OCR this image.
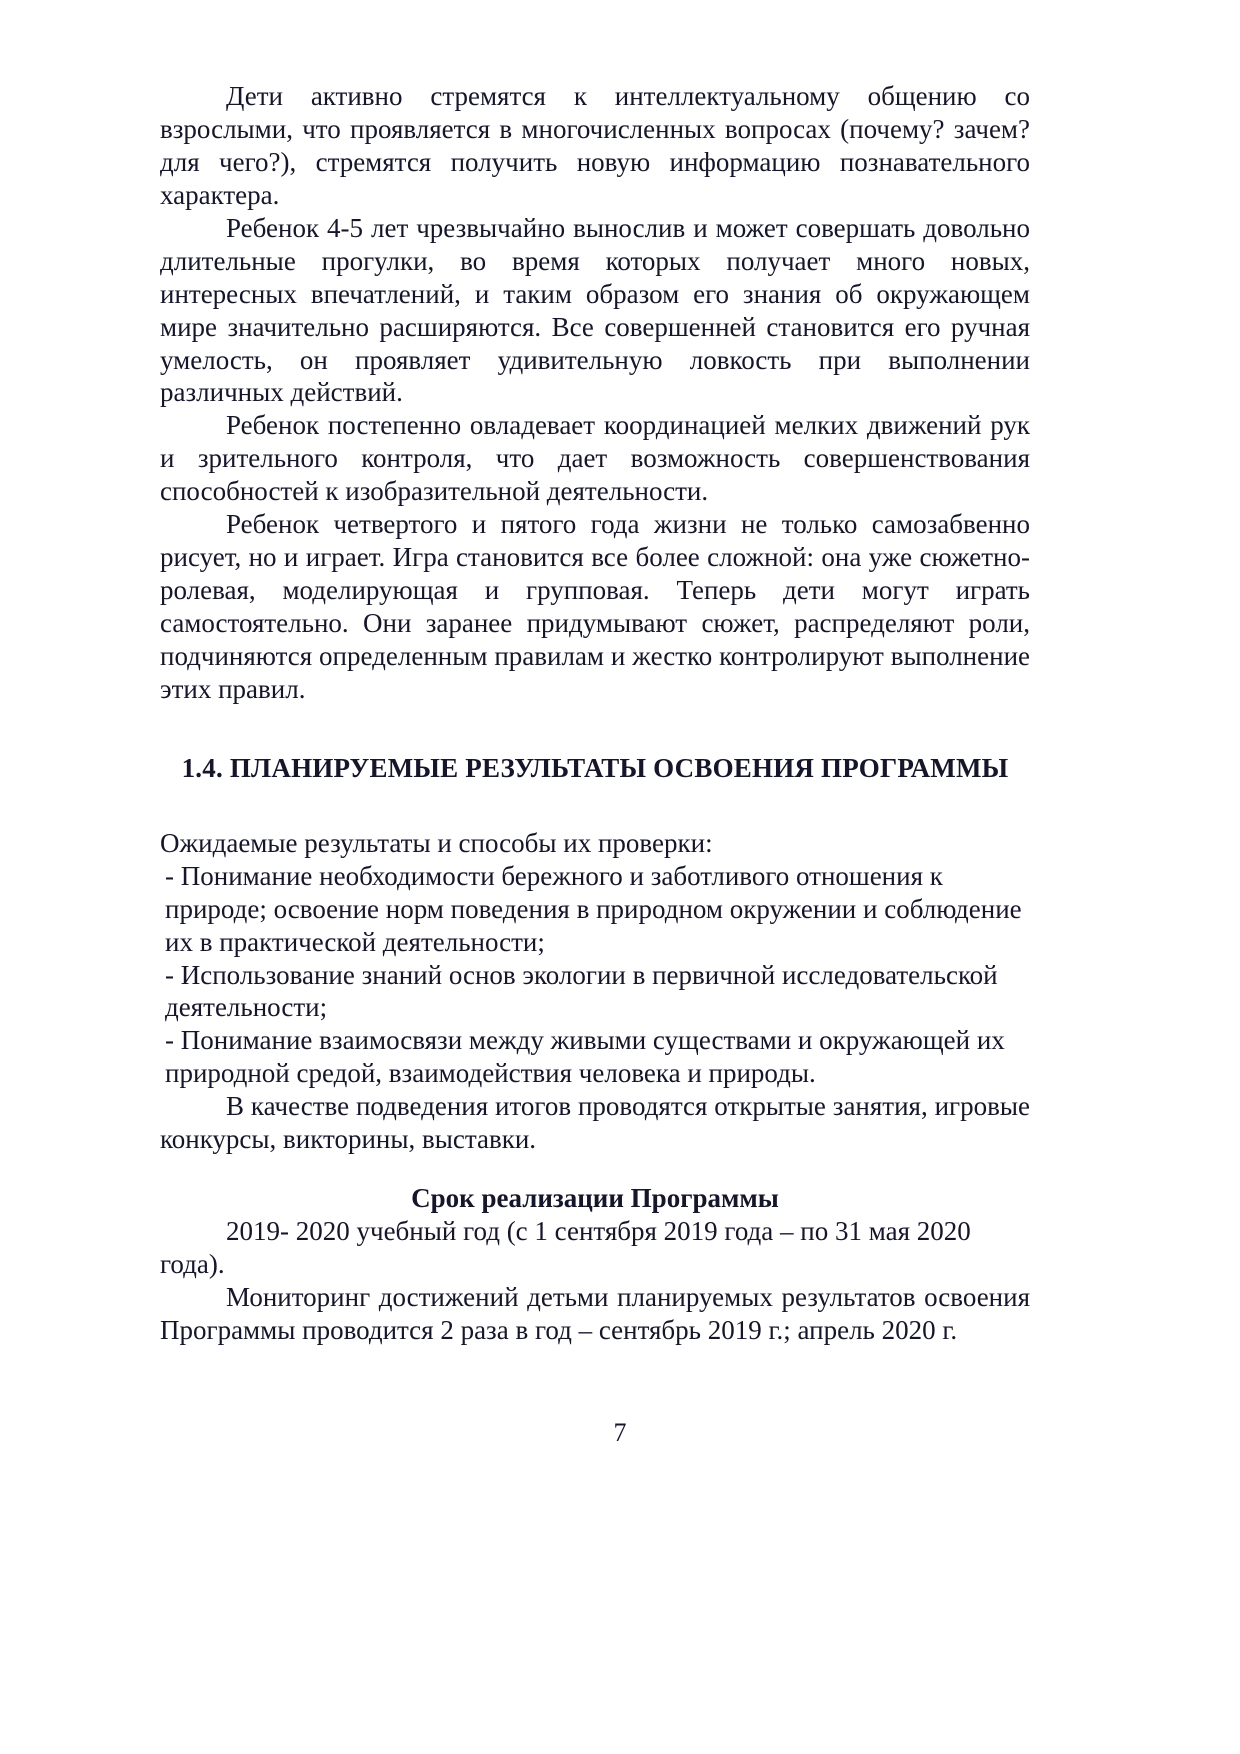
Дети активно стремятся к интеллектуальному общению со взрослыми, что проявляется в многочисленных вопросах (почему? зачем? для чего?), стремятся получить новую информацию познавательного характера.

Ребенок 4-5 лет чрезвычайно вынослив и может совершать довольно длительные прогулки, во время которых получает много новых, интересных впечатлений, и таким образом его знания об окружающем мире значительно расширяются. Все совершенней становится его ручная умелость, он проявляет удивительную ловкость при выполнении различных действий.

Ребенок постепенно овладевает координацией мелких движений рук и зрительного контроля, что дает возможность совершенствования способностей к изобразительной деятельности.

Ребенок четвертого и пятого года жизни не только самозабвенно рисует, но и играет. Игра становится все более сложной: она уже сюжетно-ролевая, моделирующая и групповая. Теперь дети могут играть самостоятельно. Они заранее придумывают сюжет, распределяют роли, подчиняются определенным правилам и жестко контролируют выполнение этих правил.

1.4. ПЛАНИРУЕМЫЕ РЕЗУЛЬТАТЫ ОСВОЕНИЯ ПРОГРАММЫ

Ожидаемые результаты и способы их проверки:

- Понимание необходимости бережного и заботливого отношения к природе; освоение норм поведения в природном окружении и соблюдение их в практической деятельности;

- Использование знаний основ экологии в первичной исследовательской деятельности;

- Понимание взаимосвязи между живыми существами и окружающей их природной средой, взаимодействия человека и природы.

В качестве подведения итогов проводятся открытые занятия, игровые конкурсы, викторины, выставки.

Срок реализации Программы

2019- 2020 учебный год (с 1 сентября 2019 года – по 31 мая 2020 года).

Мониторинг достижений детьми планируемых результатов освоения Программы проводится 2 раза в год – сентябрь 2019 г.; апрель 2020 г.

7
